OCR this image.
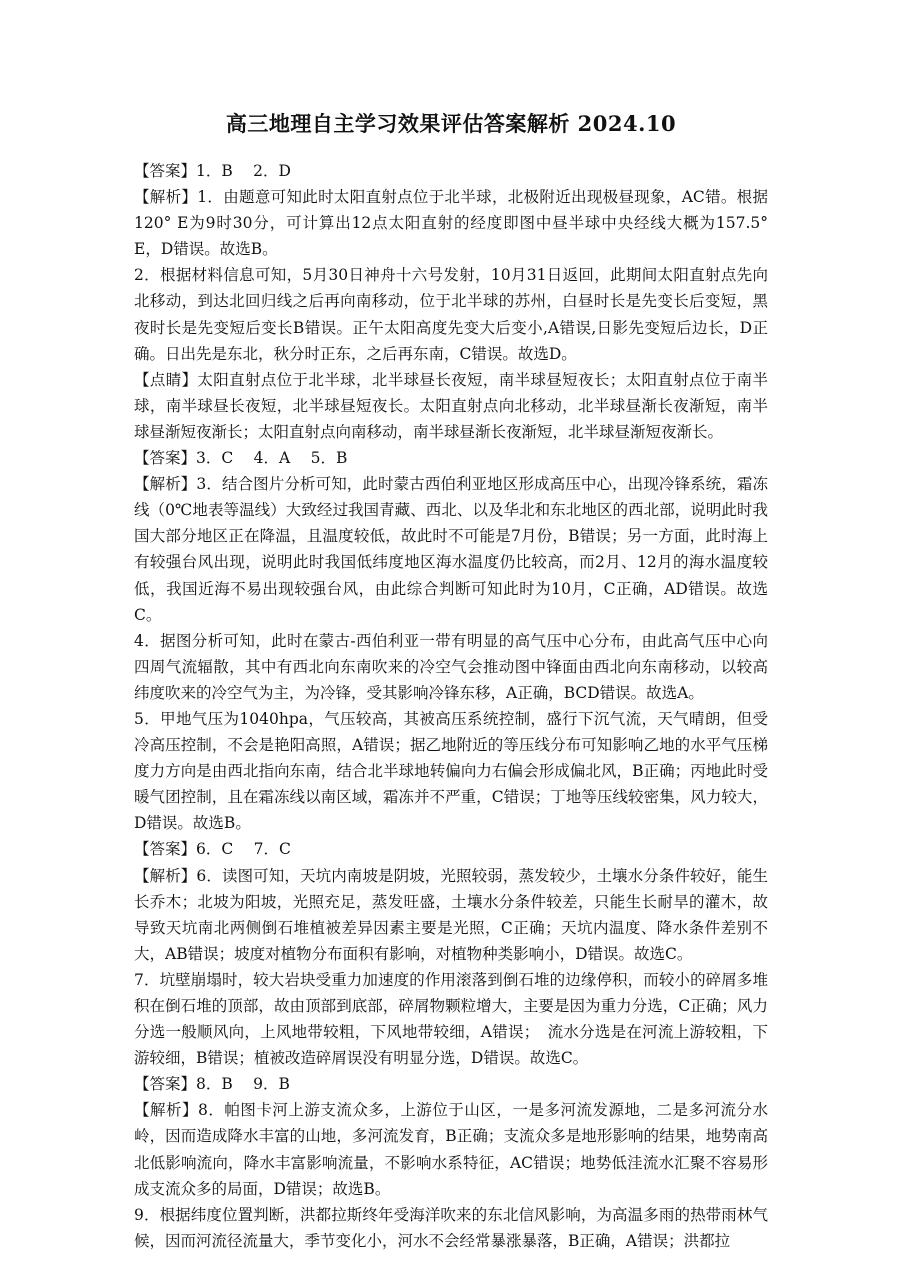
高三地理自主学习效果评估答案解析 2024.10

【答案】1．B　 2．D

【解析】1．由题意可知此时太阳直射点位于北半球，北极附近出现极昼现象，AC错。根据120° E为9时30分，可计算出12点太阳直射的经度即图中昼半球中央经线大概为157.5° E，D错误。故选B。

2．根据材料信息可知，5月30日神舟十六号发射，10月31日返回，此期间太阳直射点先向北移动，到达北回归线之后再向南移动，位于北半球的苏州，白昼时长是先变长后变短，黑夜时长是先变短后变长B错误。正午太阳高度先变大后变小,A错误,日影先变短后边长，D正确。日出先是东北，秋分时正东，之后再东南，C错误。故选D。

【点睛】太阳直射点位于北半球，北半球昼长夜短，南半球昼短夜长；太阳直射点位于南半球，南半球昼长夜短，北半球昼短夜长。太阳直射点向北移动，北半球昼渐长夜渐短，南半球昼渐短夜渐长；太阳直射点向南移动，南半球昼渐长夜渐短，北半球昼渐短夜渐长。

【答案】3．C　 4．A　 5．B

【解析】3．结合图片分析可知，此时蒙古西伯利亚地区形成高压中心，出现冷锋系统，霜冻线（0℃地表等温线）大致经过我国青藏、西北、以及华北和东北地区的西北部，说明此时我国大部分地区正在降温，且温度较低，故此时不可能是7月份，B错误；另一方面，此时海上有较强台风出现，说明此时我国低纬度地区海水温度仍比较高，而2月、12月的海水温度较低，我国近海不易出现较强台风，由此综合判断可知此时为10月，C正确，AD错误。故选C。

4．据图分析可知，此时在蒙古-西伯利亚一带有明显的高气压中心分布，由此高气压中心向四周气流辐散，其中有西北向东南吹来的冷空气会推动图中锋面由西北向东南移动，以较高纬度吹来的冷空气为主，为冷锋，受其影响冷锋东移，A正确，BCD错误。故选A。

5．甲地气压为1040hpa，气压较高，其被高压系统控制，盛行下沉气流，天气晴朗，但受冷高压控制，不会是艳阳高照，A错误；据乙地附近的等压线分布可知影响乙地的水平气压梯度力方向是由西北指向东南，结合北半球地转偏向力右偏会形成偏北风，B正确；丙地此时受暖气团控制，且在霜冻线以南区域，霜冻并不严重，C错误；丁地等压线较密集，风力较大，D错误。故选B。

【答案】6．C　 7．C

【解析】6．读图可知，天坑内南坡是阴坡，光照较弱，蒸发较少，土壤水分条件较好，能生长乔木；北坡为阳坡，光照充足，蒸发旺盛，土壤水分条件较差，只能生长耐旱的灌木，故导致天坑南北两侧倒石堆植被差异因素主要是光照，C正确；天坑内温度、降水条件差别不大，AB错误；坡度对植物分布面积有影响，对植物种类影响小，D错误。故选C。

7．坑壁崩塌时，较大岩块受重力加速度的作用滚落到倒石堆的边缘停积，而较小的碎屑多堆积在倒石堆的顶部，故由顶部到底部，碎屑物颗粒增大，主要是因为重力分选，C正确；风力分选一般顺风向，上风地带较粗，下风地带较细，A错误；　流水分选是在河流上游较粗，下游较细，B错误；植被改造碎屑误没有明显分选，D错误。故选C。

【答案】8．B　 9．B

【解析】8．帕图卡河上游支流众多，上游位于山区，一是多河流发源地，二是多河流分水岭，因而造成降水丰富的山地，多河流发育，B正确；支流众多是地形影响的结果，地势南高北低影响流向，降水丰富影响流量，不影响水系特征，AC错误；地势低洼流水汇聚不容易形成支流众多的局面，D错误；故选B。

9．根据纬度位置判断，洪都拉斯终年受海洋吹来的东北信风影响，为高温多雨的热带雨林气候，因而河流径流量大，季节变化小，河水不会经常暴涨暴落，B正确，A错误；洪都拉
